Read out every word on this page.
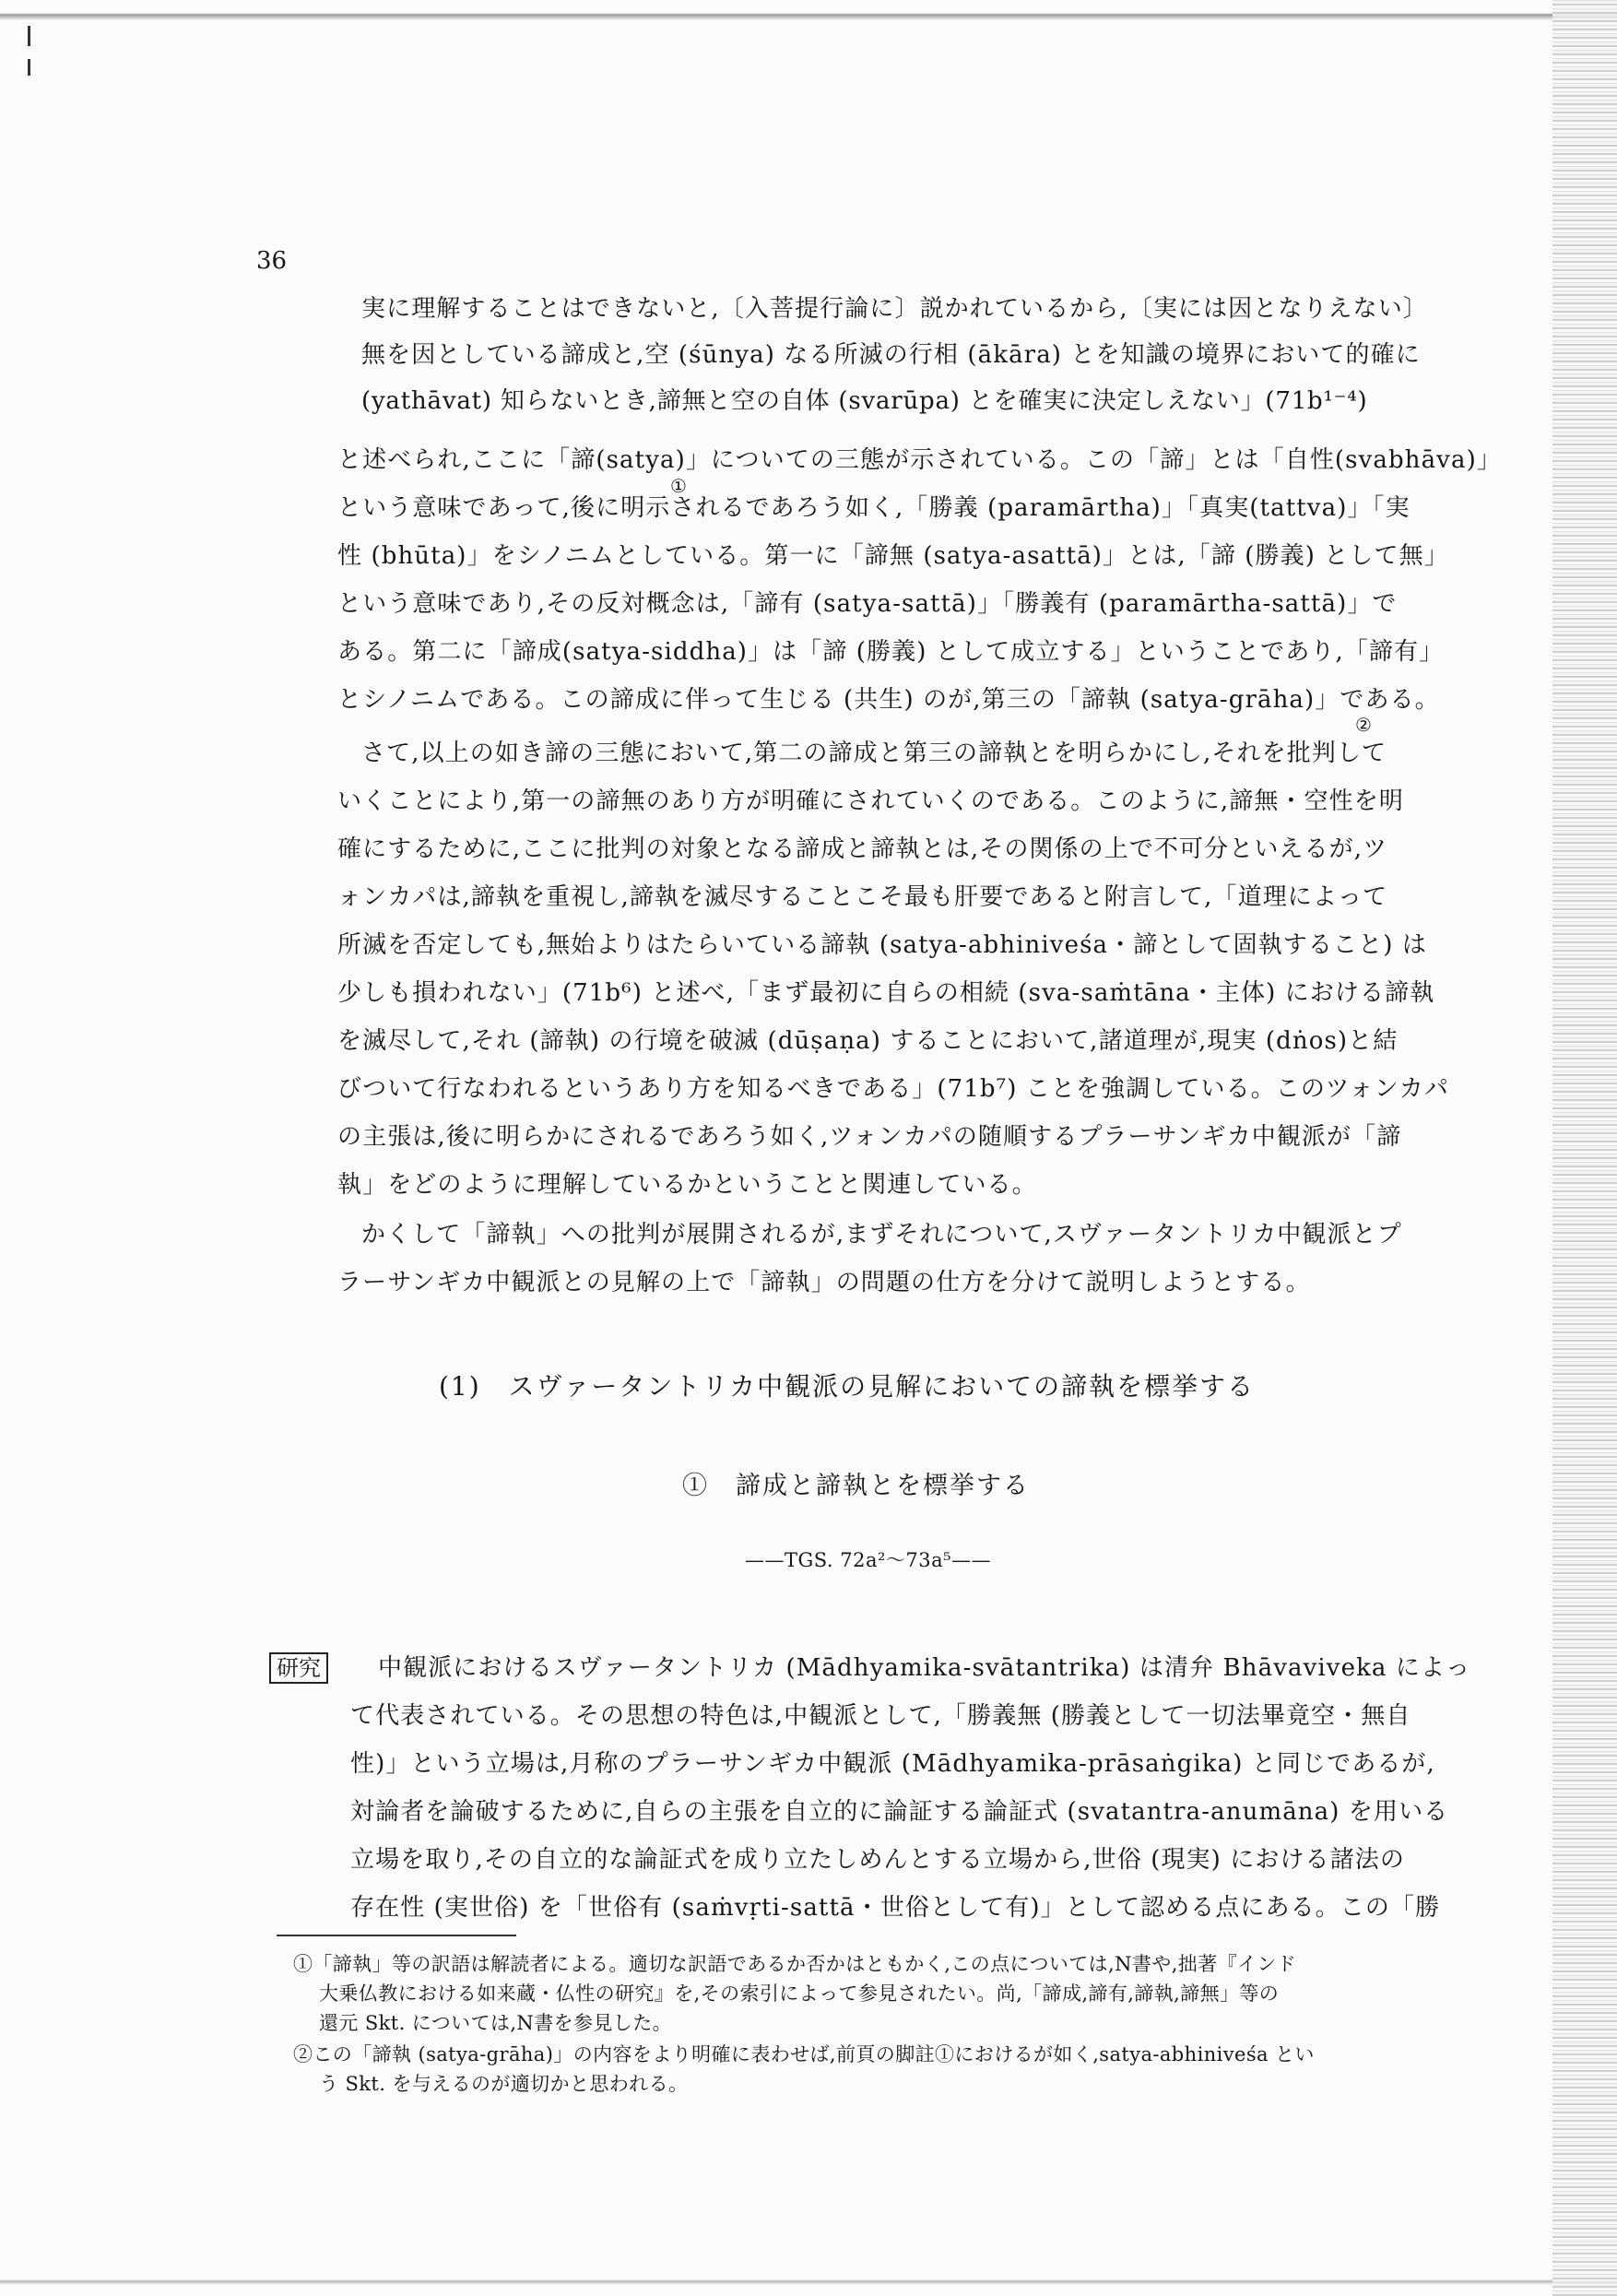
36
実に理解することはできないと,〔入菩提行論に〕説かれているから,〔実には因となりえない〕
無を因としている諦成と,空 (śūnya) なる所滅の行相 (ākāra) とを知識の境界において的確に
(yathāvat) 知らないとき,諦無と空の自体 (svarūpa) とを確実に決定しえない」(71b¹⁻⁴)
と述べられ,ここに「諦(satya)」についての三態が示されている。この「諦」とは「自性(svabhāva)」
①
という意味であって,後に明示されるであろう如く,「勝義 (paramārtha)」「真実(tattva)」「実
性 (bhūta)」をシノニムとしている。第一に「諦無 (satya-asattā)」とは,「諦 (勝義) として無」
という意味であり,その反対概念は,「諦有 (satya-sattā)」「勝義有 (paramārtha-sattā)」で
ある。第二に「諦成(satya-siddha)」は「諦 (勝義) として成立する」ということであり,「諦有」
とシノニムである。この諦成に伴って生じる (共生) のが,第三の「諦執 (satya-grāha)」である。
②
さて,以上の如き諦の三態において,第二の諦成と第三の諦執とを明らかにし,それを批判して
いくことにより,第一の諦無のあり方が明確にされていくのである。このように,諦無・空性を明
確にするために,ここに批判の対象となる諦成と諦執とは,その関係の上で不可分といえるが,ツ
ォンカパは,諦執を重視し,諦執を滅尽することこそ最も肝要であると附言して,「道理によって
所滅を否定しても,無始よりはたらいている諦執 (satya-abhiniveśa・諦として固執すること) は
少しも損われない」(71b⁶) と述べ,「まず最初に自らの相続 (sva-saṁtāna・主体) における諦執
を滅尽して,それ (諦執) の行境を破滅 (dūṣaṇa) することにおいて,諸道理が,現実 (dṅos)と結
びついて行なわれるというあり方を知るべきである」(71b⁷) ことを強調している。このツォンカパ
の主張は,後に明らかにされるであろう如く,ツォンカパの随順するプラーサンギカ中観派が「諦
執」をどのように理解しているかということと関連している。
かくして「諦執」への批判が展開されるが,まずそれについて,スヴァータントリカ中観派とプ
ラーサンギカ中観派との見解の上で「諦執」の問題の仕方を分けて説明しようとする。
(1)　スヴァータントリカ中観派の見解においての諦執を標挙する
①　諦成と諦執とを標挙する
——TGS. 72a²〜73a⁵——
研究	中観派におけるスヴァータントリカ (Mādhyamika-svātantrika) は清弁 Bhāvaviveka によっ
て代表されている。その思想の特色は,中観派として,「勝義無 (勝義として一切法畢竟空・無自
性)」という立場は,月称のプラーサンギカ中観派 (Mādhyamika-prāsaṅgika) と同じであるが,
対論者を論破するために,自らの主張を自立的に論証する論証式 (svatantra-anumāna) を用いる
立場を取り,その自立的な論証式を成り立たしめんとする立場から,世俗 (現実) における諸法の
存在性 (実世俗) を「世俗有 (saṁvṛti-sattā・世俗として有)」として認める点にある。この「勝
①「諦執」等の訳語は解読者による。適切な訳語であるか否かはともかく,この点については,N書や,拙著『インド
大乗仏教における如来蔵・仏性の研究』を,その索引によって参見されたい。尚,「諦成,諦有,諦執,諦無」等の
還元 Skt. については,N書を参見した。
②この「諦執 (satya-grāha)」の内容をより明確に表わせば,前頁の脚註①におけるが如く,satya-abhiniveśa とい
う Skt. を与えるのが適切かと思われる。
